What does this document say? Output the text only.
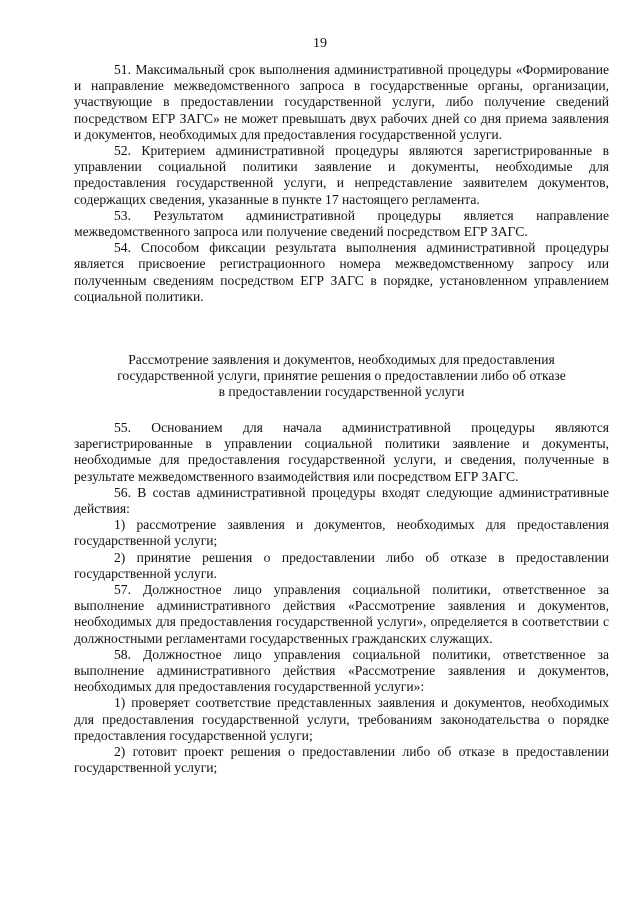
19

51. Максимальный срок выполнения административной процедуры «Формирование и направление межведомственного запроса в государственные органы, организации, участвующие в предоставлении государственной услуги, либо получение сведений посредством ЕГР ЗАГС» не может превышать двух рабочих дней со дня приема заявления и документов, необходимых для предоставления государственной услуги.

52. Критерием административной процедуры являются зарегистрированные в управлении социальной политики заявление и документы, необходимые для предоставления государственной услуги, и непредставление заявителем документов, содержащих сведения, указанные в пункте 17 настоящего регламента.

53. Результатом административной процедуры является направление межведомственного запроса или получение сведений посредством ЕГР ЗАГС.

54. Способом фиксации результата выполнения административной процедуры является присвоение регистрационного номера межведомственному запросу или полученным сведениям посредством ЕГР ЗАГС в порядке, установленном управлением социальной политики.

Рассмотрение заявления и документов, необходимых для предоставления
государственной услуги, принятие решения о предоставлении либо об отказе
в предоставлении государственной услуги

55. Основанием для начала административной процедуры являются зарегистрированные в управлении социальной политики заявление и документы, необходимые для предоставления государственной услуги, и сведения, полученные в результате межведомственного взаимодействия или посредством ЕГР ЗАГС.

56. В состав административной процедуры входят следующие административные действия:

1) рассмотрение заявления и документов, необходимых для предоставления государственной услуги;

2) принятие решения о предоставлении либо об отказе в предоставлении государственной услуги.

57. Должностное лицо управления социальной политики, ответственное за выполнение административного действия «Рассмотрение заявления и документов, необходимых для предоставления государственной услуги», определяется в соответствии с должностными регламентами государственных гражданских служащих.

58. Должностное лицо управления социальной политики, ответственное за выполнение административного действия «Рассмотрение заявления и документов, необходимых для предоставления государственной услуги»:

1) проверяет соответствие представленных заявления и документов, необходимых для предоставления государственной услуги, требованиям законодательства о порядке предоставления государственной услуги;

2) готовит проект решения о предоставлении либо об отказе в предоставлении государственной услуги;
